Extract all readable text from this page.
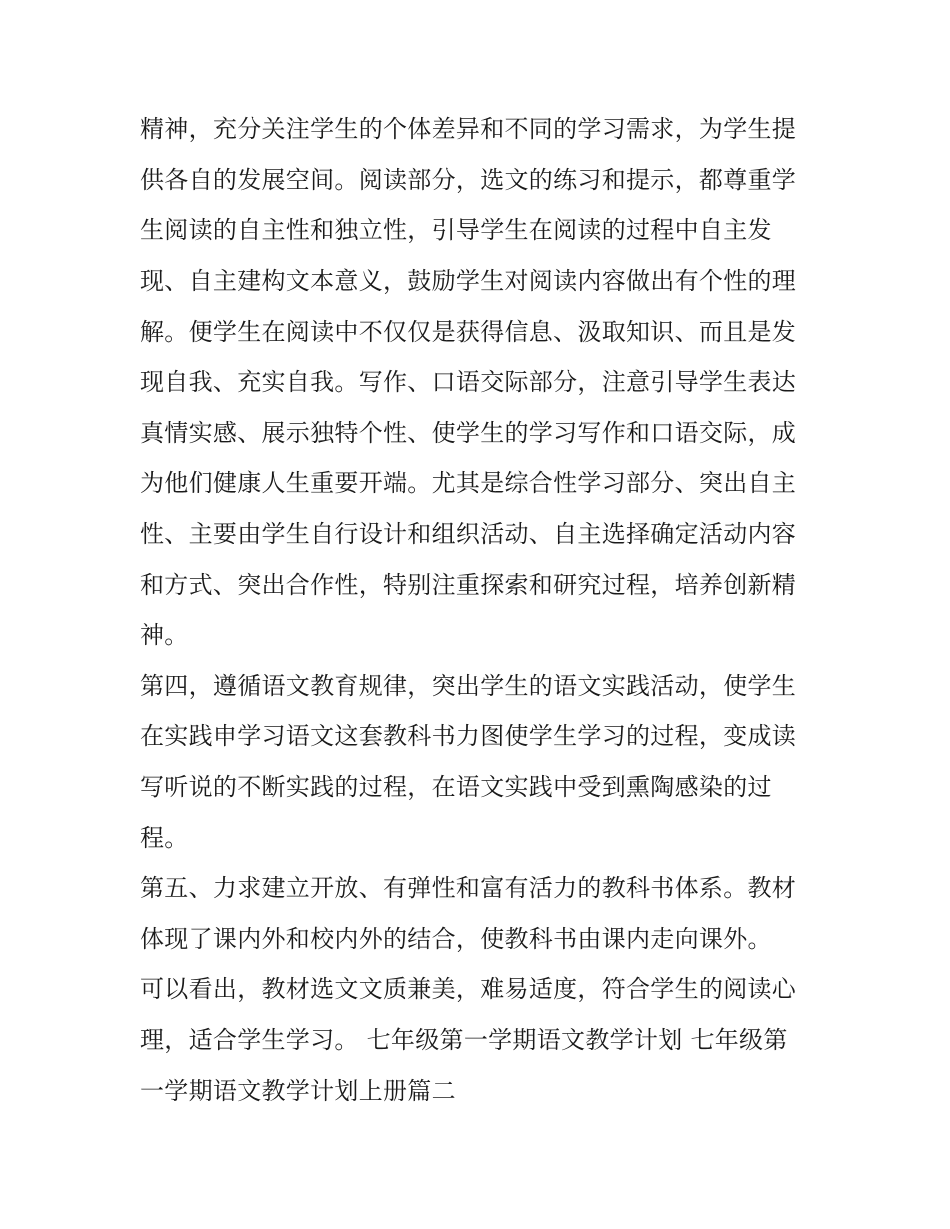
精神，充分关注学生的个体差异和不同的学习需求，为学生提
供各自的发展空间。阅读部分，选文的练习和提示，都尊重学
生阅读的自主性和独立性，引导学生在阅读的过程中自主发
现、自主建构文本意义，鼓励学生对阅读内容做出有个性的理
解。便学生在阅读中不仅仅是获得信息、汲取知识、而且是发
现自我、充实自我。写作、口语交际部分，注意引导学生表达
真情实感、展示独特个性、使学生的学习写作和口语交际，成
为他们健康人生重要开端。尤其是综合性学习部分、突出自主
性、主要由学生自行设计和组织活动、自主选择确定活动内容
和方式、突出合作性，特别注重探索和研究过程，培养创新精
神。
第四，遵循语文教育规律，突出学生的语文实践活动，使学生
在实践申学习语文这套教科书力图使学生学习的过程，变成读
写听说的不断实践的过程，在语文实践中受到熏陶感染的过
程。
第五、力求建立开放、有弹性和富有活力的教科书体系。教材
体现了课内外和校内外的结合，使教科书由课内走向课外。
可以看出，教材选文文质兼美，难易适度，符合学生的阅读心
理，适合学生学习。 七年级第一学期语文教学计划 七年级第
一学期语文教学计划上册篇二
